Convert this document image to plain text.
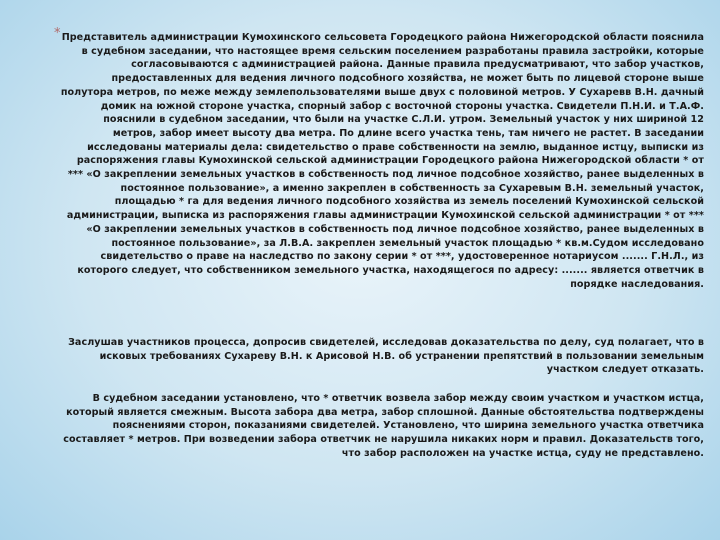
* Представитель администрации Кумохинского сельсовета Городецкого района Нижегородской области пояснила в судебном заседании, что настоящее время сельским поселением разработаны правила застройки, которые согласовываются с администрацией района. Данные правила предусматривают, что забор участков, предоставленных для ведения личного подсобного хозяйства, не может быть по лицевой стороне выше полутора метров, по меже между землепользователями выше двух с половиной метров. У Сухаревв В.Н. дачный домик на южной стороне участка, спорный забор с восточной стороны участка. Свидетели П.Н.И. и Т.А.Ф. пояснили в судебном заседании, что были на участке С.Л.И. утром. Земельный участок у них шириной 12 метров, забор имеет высоту два метра. По длине всего участка тень, там ничего не растет. В заседании исследованы материалы дела: свидетельство о праве собственности на землю, выданное истцу, выписки из распоряжения главы Кумохинской сельской администрации Городецкого района Нижегородской области * от *** «О закреплении земельных участков в собственность под личное подсобное хозяйство, ранее выделенных в постоянное пользование», а именно закреплен в собственность за Сухаревым В.Н. земельный участок, площадью * га для ведения личного подсобного хозяйства из земель поселений Кумохинской сельской администрации, выписка из распоряжения главы администрации Кумохинской сельской администрации * от *** «О закреплении земельных участков в собственность под личное подсобное хозяйство, ранее выделенных в постоянное пользование», за Л.В.А. закреплен земельный участок площадью * кв.м.Судом исследовано свидетельство о праве на наследство по закону серии * от ***, удостоверенное нотариусом ....... Г.Н.Л., из которого следует, что собственником земельного участка, находящегося по адресу: ....... является ответчик в порядке наследования.

Заслушав участников процесса, допросив свидетелей, исследовав доказательства по делу, суд полагает, что в исковых требованиях Сухареву В.Н. к Арисовой Н.В. об устранении препятствий в пользовании земельным участком следует отказать.

В судебном заседании установлено, что * ответчик возвела забор между своим участком и участком истца, который является смежным. Высота забора два метра, забор сплошной. Данные обстоятельства подтверждены пояснениями сторон, показаниями свидетелей. Установлено, что ширина земельного участка ответчика составляет * метров. При возведении забора ответчик не нарушила никаких норм и правил. Доказательств того, что забор расположен на участке истца, суду не представлено.
